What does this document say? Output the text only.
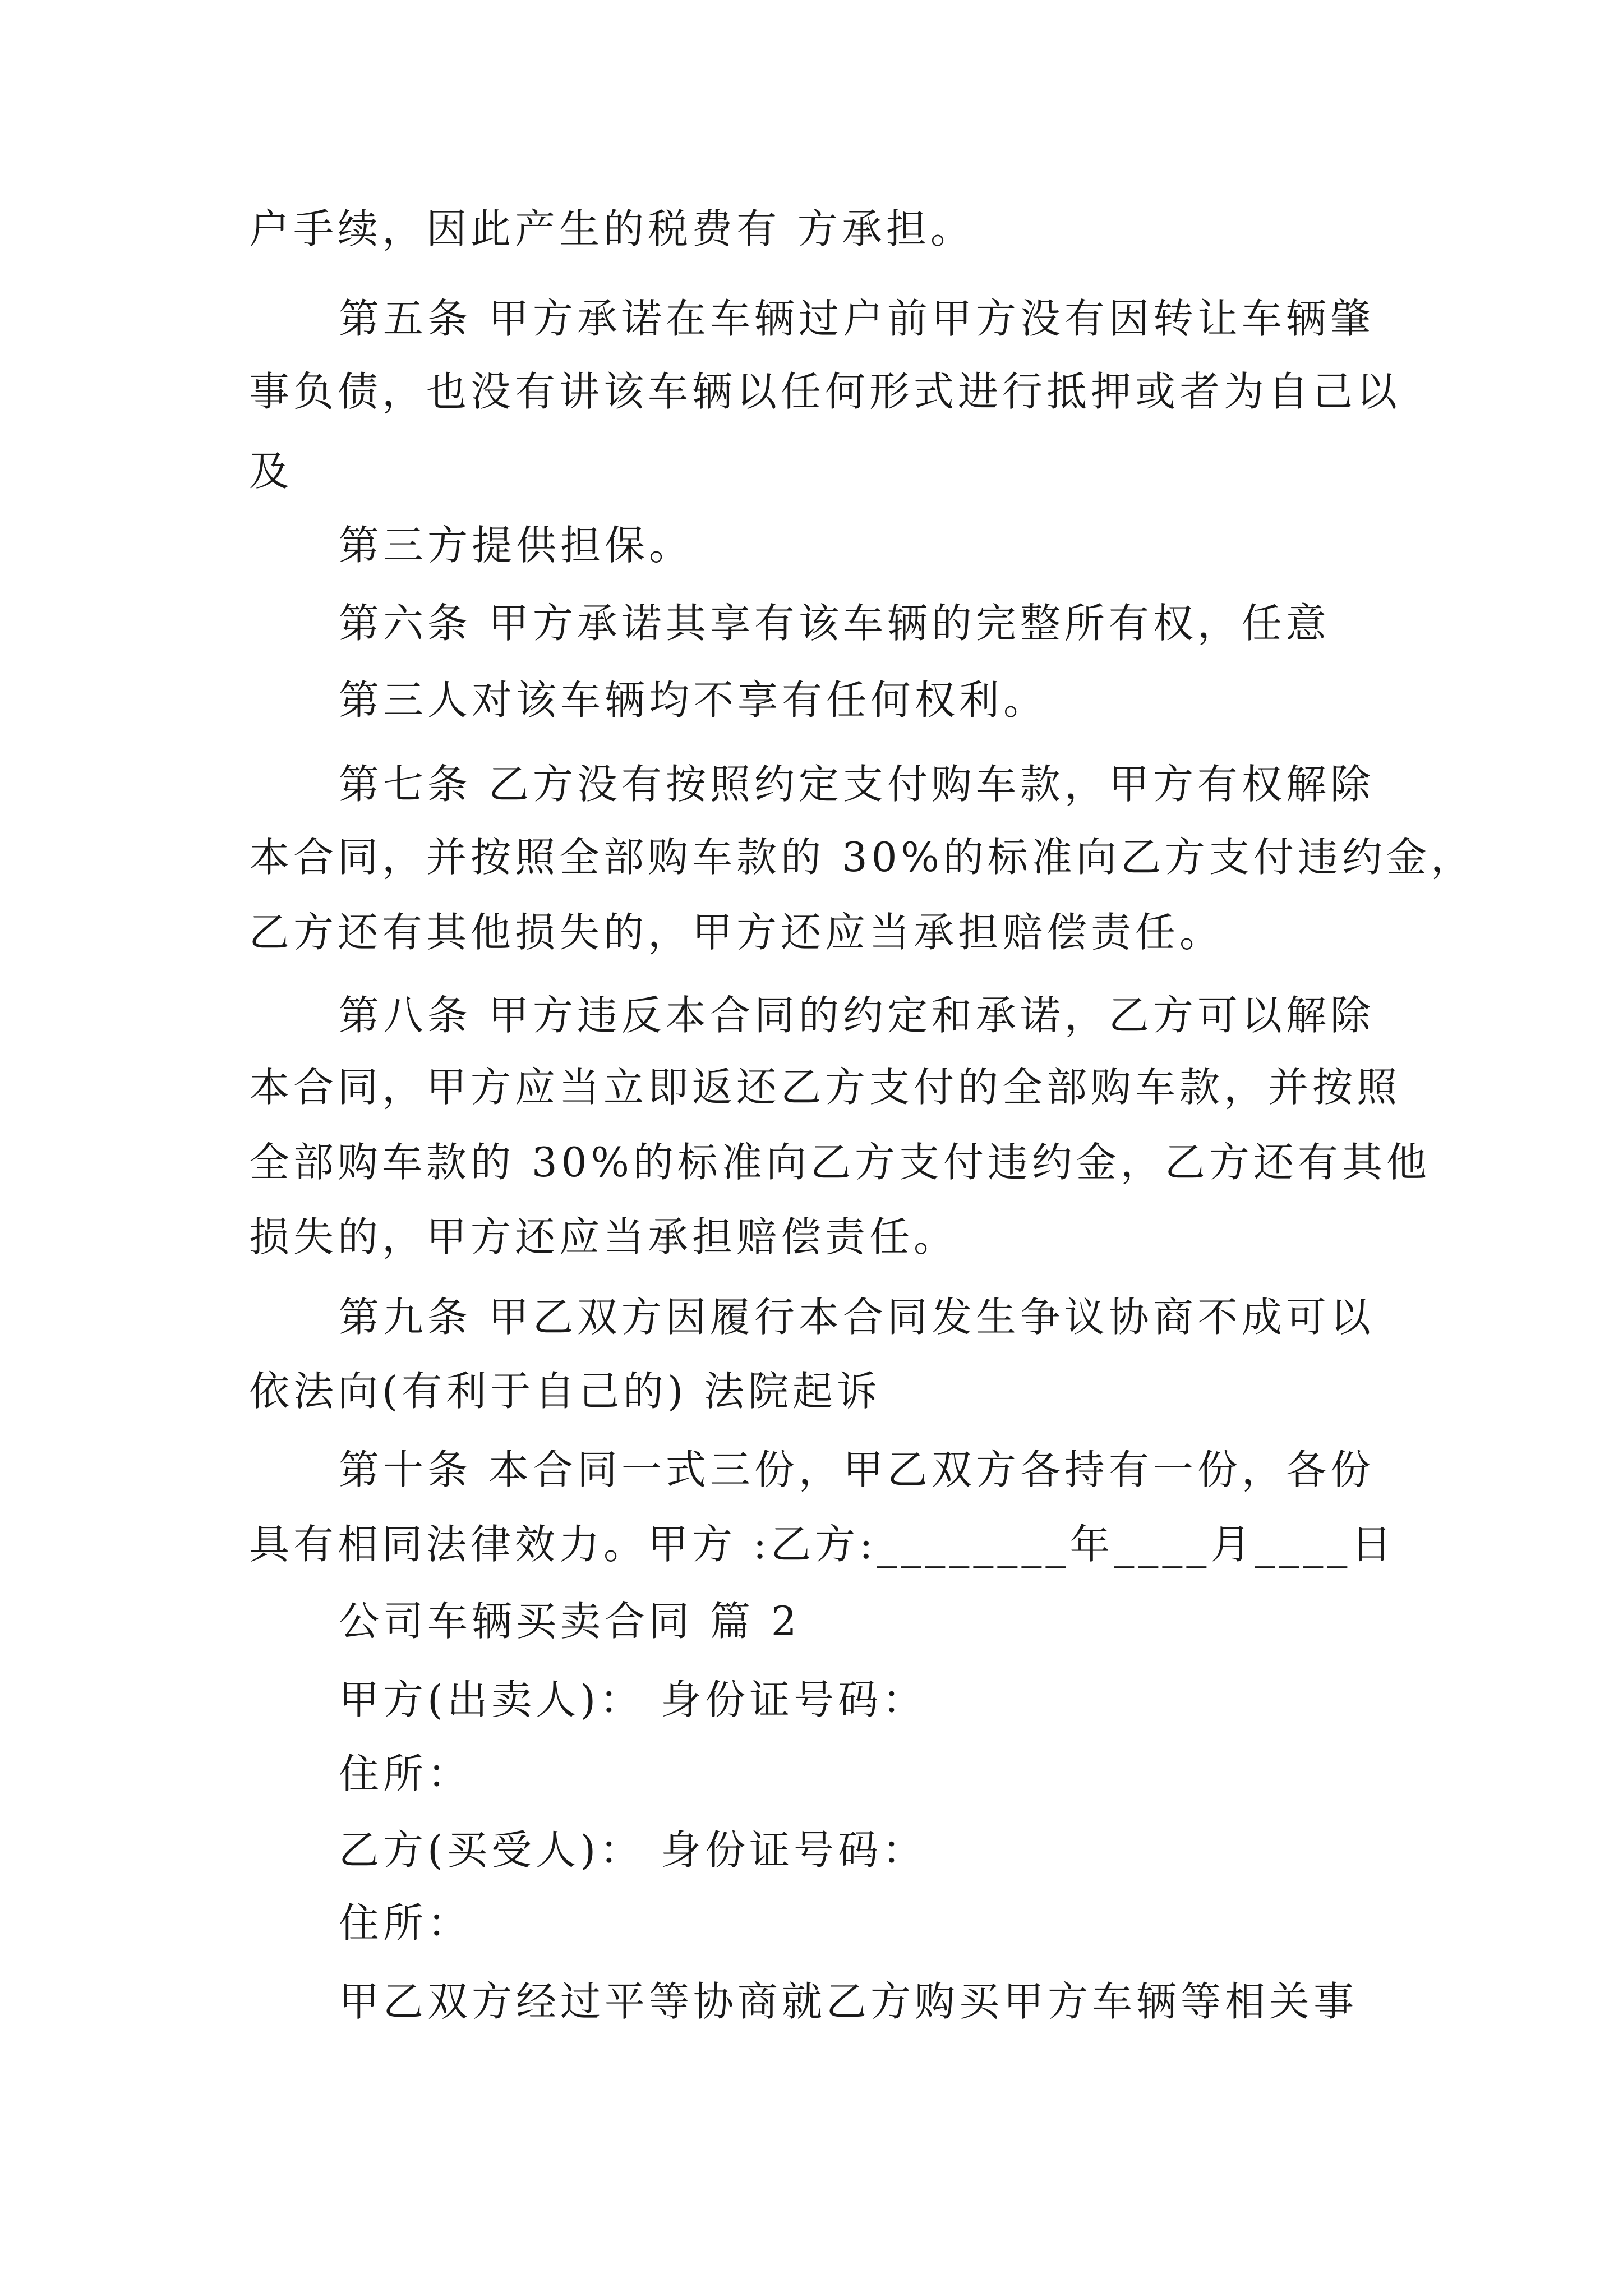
户手续，因此产生的税费有 方承担。
第五条 甲方承诺在车辆过户前甲方没有因转让车辆肇
事负债，也没有讲该车辆以任何形式进行抵押或者为自己以
及
第三方提供担保。
第六条 甲方承诺其享有该车辆的完整所有权，任意
第三人对该车辆均不享有任何权利。
第七条 乙方没有按照约定支付购车款，甲方有权解除
本合同，并按照全部购车款的 30%的标准向乙方支付违约金，
乙方还有其他损失的，甲方还应当承担赔偿责任。
第八条 甲方违反本合同的约定和承诺，乙方可以解除
本合同，甲方应当立即返还乙方支付的全部购车款，并按照
全部购车款的 30%的标准向乙方支付违约金，乙方还有其他
损失的，甲方还应当承担赔偿责任。
第九条 甲乙双方因履行本合同发生争议协商不成可以
依法向(有利于自己的) 法院起诉
第十条 本合同一式三份，甲乙双方各持有一份，各份
具有相同法律效力。甲方 :乙方:________年____月____日
公司车辆买卖合同 篇 2
甲方(出卖人)： 身份证号码：
住所：
乙方(买受人)： 身份证号码：
住所：
甲乙双方经过平等协商就乙方购买甲方车辆等相关事
